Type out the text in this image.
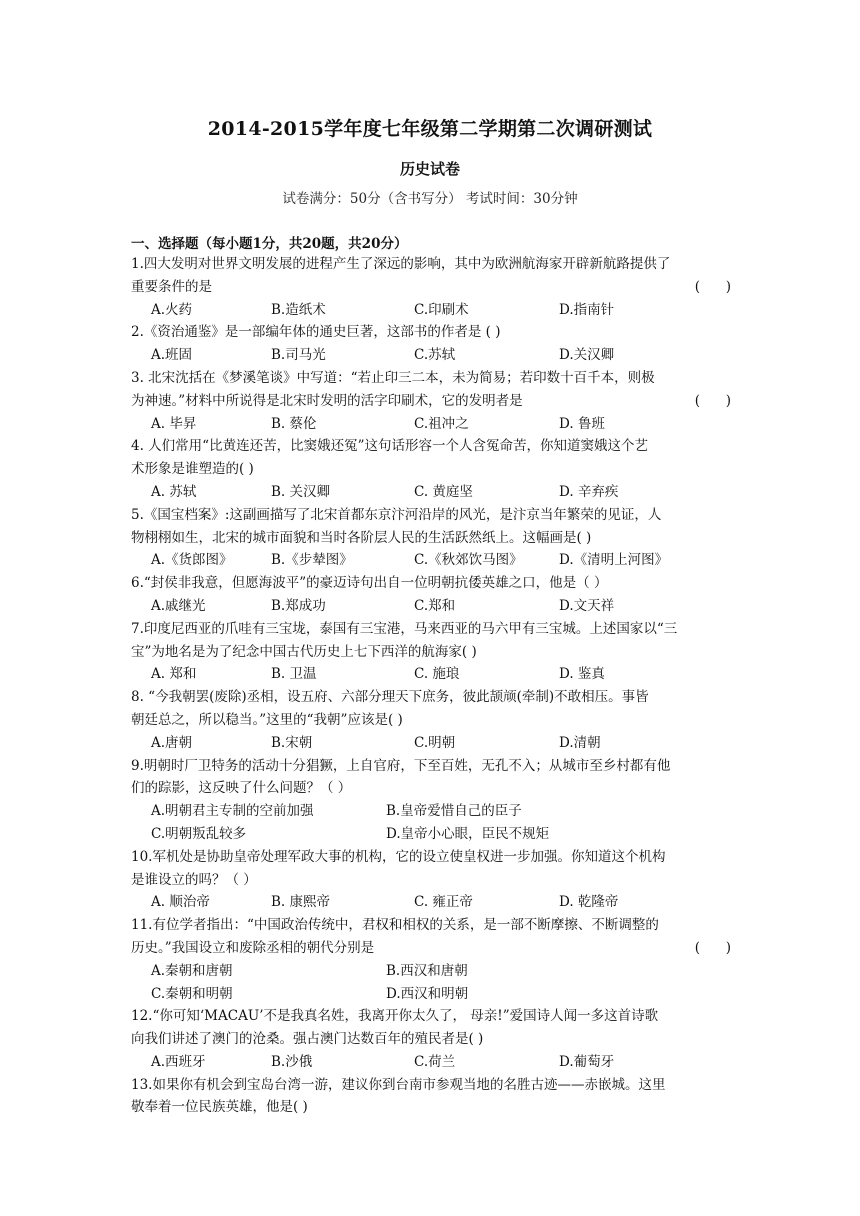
2014-2015学年度七年级第二学期第二次调研测试
历史试卷
试卷满分：50分（含书写分） 考试时间：30分钟
一、选择题（每小题1分，共20题，共20分）

1.四大发明对世界文明发展的进程产生了深远的影响，其中为欧洲航海家开辟新航路提供了

(      )
重要条件的是

A.火药	B.造纸术	C.印刷术	D.指南针

2.《资治通鉴》是一部编年体的通史巨著，这部书的作者是 ( )

A.班固	B.司马光	C.苏轼	D.关汉卿

3. 北宋沈括在《梦溪笔谈》中写道：“若止印三二本，未为简易；若印数十百千本，则极

(      )
为神速。”材料中所说得是北宋时发明的活字印刷术，它的发明者是

A. 毕昇	B. 蔡伦	C.祖冲之	D. 鲁班

4. 人们常用“比黄连还苦，比窦娥还冤”这句话形容一个人含冤命苦，你知道窦娥这个艺

术形象是谁塑造的( )

A. 苏轼	B. 关汉卿	C. 黄庭坚	D. 辛弃疾

5.《国宝档案》:这副画描写了北宋首都东京汴河沿岸的风光，是汴京当年繁荣的见证，人

物栩栩如生，北宋的城市面貌和当时各阶层人民的生活跃然纸上。这幅画是( )

A.《货郎图》	B.《步辇图》	C.《秋郊饮马图》	D.《清明上河图》

6.“封侯非我意，但愿海波平”的豪迈诗句出自一位明朝抗倭英雄之口，他是（ ）

A.戚继光	B.郑成功	C.郑和	D.文天祥

7.印度尼西亚的爪哇有三宝垅，泰国有三宝港，马来西亚的马六甲有三宝城。上述国家以“三

宝”为地名是为了纪念中国古代历史上七下西洋的航海家( )

A. 郑和	B. 卫温	C. 施琅	D. 鉴真

8. “今我朝罢(废除)丞相，设五府、六部分理天下庶务，彼此颉颃(牵制)不敢相压。事皆

朝廷总之，所以稳当。”这里的“我朝”应该是( )

A.唐朝	B.宋朝	C.明朝	D.清朝

9.明朝时厂卫特务的活动十分猖獗，上自官府，下至百姓，无孔不入；从城市至乡村都有他

们的踪影，这反映了什么问题？（ ）

A.明朝君主专制的空前加强	B.皇帝爱惜自己的臣子
C.明朝叛乱较多	D.皇帝小心眼，臣民不规矩

10.军机处是协助皇帝处理军政大事的机构，它的设立使皇权进一步加强。你知道这个机构

是谁设立的吗？（ ）

A. 顺治帝	B. 康熙帝	C. 雍正帝	D. 乾隆帝

11.有位学者指出：“中国政治传统中，君权和相权的关系，是一部不断摩擦、不断调整的

(      )
历史。”我国设立和废除丞相的朝代分别是

A.秦朝和唐朝	B.西汉和唐朝
C.秦朝和明朝	D.西汉和明朝

12.“你可知‘MACAU’不是我真名姓，我离开你太久了， 母亲!”爱国诗人闻一多这首诗歌

向我们讲述了澳门的沧桑。强占澳门达数百年的殖民者是( )

A.西班牙	B.沙俄	C.荷兰	D.葡萄牙

13.如果你有机会到宝岛台湾一游，建议你到台南市参观当地的名胜古迹——赤嵌城。这里

敬奉着一位民族英雄，他是( )
